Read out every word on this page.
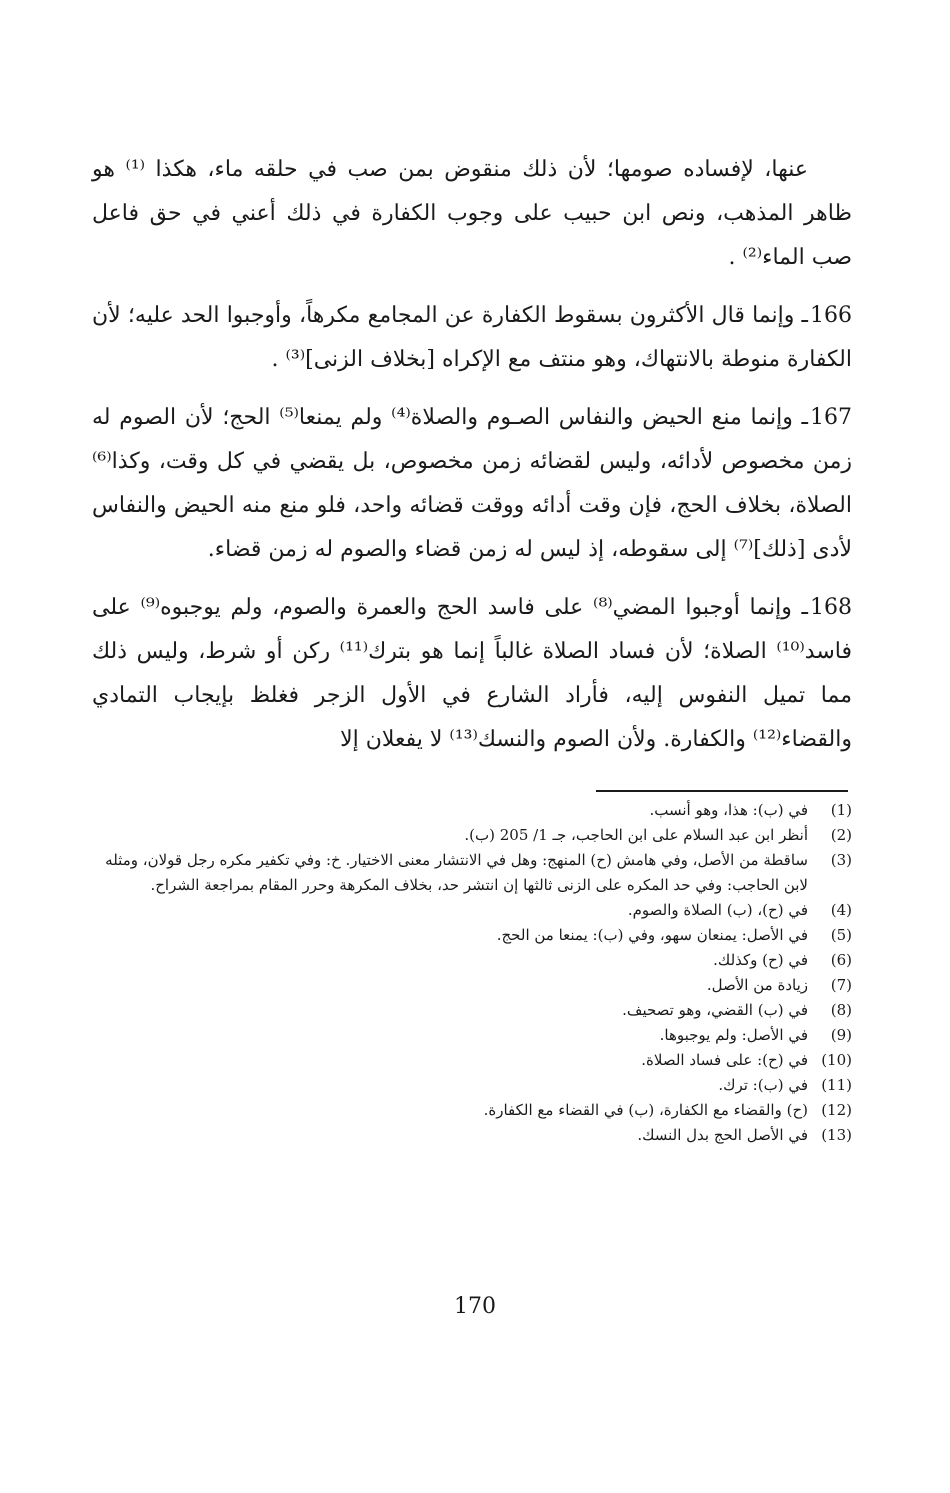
عنها، لإفساده صومها؛ لأن ذلك منقوض بمن صب في حلقه ماء، هكذا ⁽¹⁾ هو ظاهر المذهب، ونص ابن حبيب على وجوب الكفارة في ذلك أعني في حق فاعل صب الماء⁽²⁾ .

166ـ وإنما قال الأكثرون بسقوط الكفارة عن المجامع مكرهاً، وأوجبوا الحد عليه؛ لأن الكفارة منوطة بالانتهاك، وهو منتف مع الإكراه [بخلاف الزنى]⁽³⁾ .

167ـ وإنما منع الحيض والنفاس الصـوم والصلاة⁽⁴⁾ ولم يمنعا⁽⁵⁾ الحج؛ لأن الصوم له زمن مخصوص لأدائه، وليس لقضائه زمن مخصوص، بل يقضي في كل وقت، وكذا⁽⁶⁾ الصلاة، بخلاف الحج، فإن وقت أدائه ووقت قضائه واحد، فلو منع منه الحيض والنفاس لأدى [ذلك]⁽⁷⁾ إلى سقوطه، إذ ليس له زمن قضاء والصوم له زمن قضاء.

168ـ وإنما أوجبوا المضي⁽⁸⁾ على فاسد الحج والعمرة والصوم، ولم يوجبوه⁽⁹⁾ على فاسد⁽¹⁰⁾ الصلاة؛ لأن فساد الصلاة غالباً إنما هو بترك⁽¹¹⁾ ركن أو شرط، وليس ذلك مما تميل النفوس إليه، فأراد الشارع في الأول الزجر فغلظ بإيجاب التمادي والقضاء⁽¹²⁾ والكفارة. ولأن الصوم والنسك⁽¹³⁾ لا يفعلان إلا

(1)
في (ب): هذا، وهو أنسب.
(2)
أنظر ابن عبد السلام على ابن الحاجب، جـ 1/ 205 (ب).
(3)
ساقطة من الأصل، وفي هامش (ح) المنهج: وهل في الانتشار معنى الاختيار. خ: وفي تكفير مكره رجل قولان، ومثله لابن الحاجب: وفي حد المكره على الزنى ثالثها إن انتشر حد، بخلاف المكرهة وحرر المقام بمراجعة الشراح.
(4)
في (ح)، (ب) الصلاة والصوم.
(5)
في الأصل: يمنعان سهو، وفي (ب): يمنعا من الحج.
(6)
في (ح) وكذلك.
(7)
زيادة من الأصل.
(8)
في (ب) القضي، وهو تصحيف.
(9)
في الأصل: ولم يوجبوها.
(10)
في (ح): على فساد الصلاة.
(11)
في (ب): ترك.
(12)
(ح) والقضاء مع الكفارة، (ب) في القضاء مع الكفارة.
(13)
في الأصل الحج بدل النسك.
170
